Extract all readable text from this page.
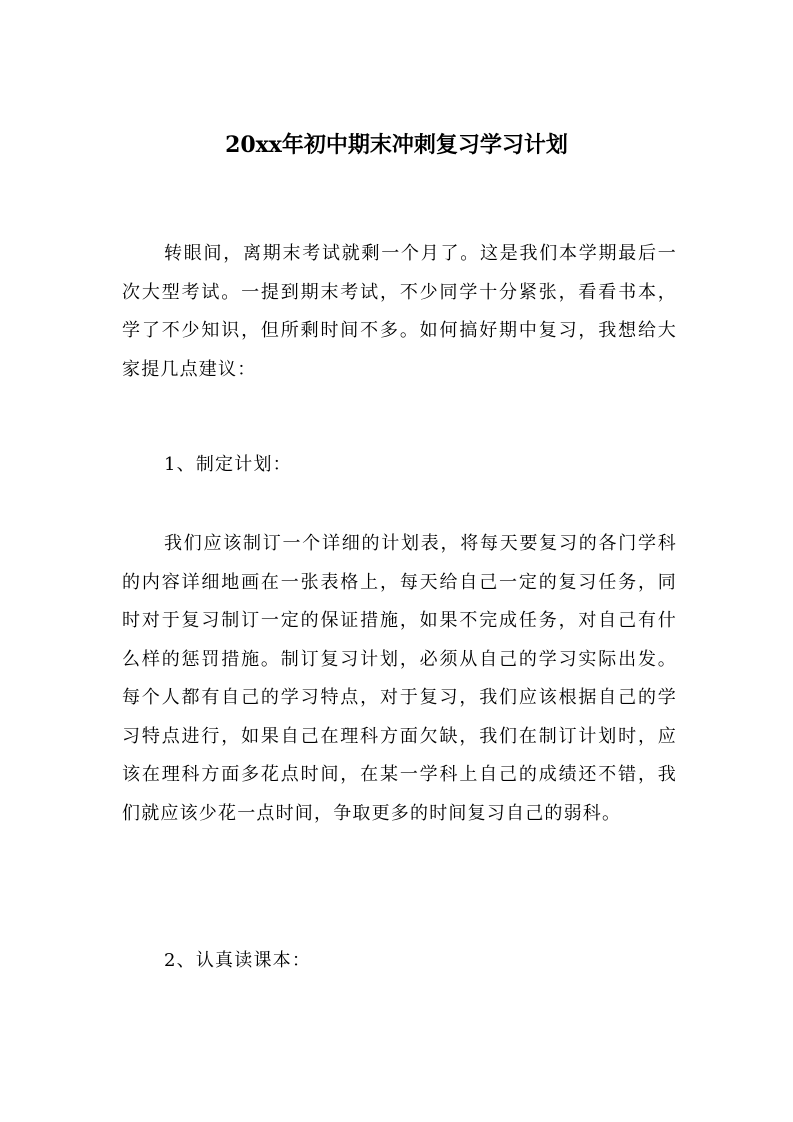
20xx年初中期末冲刺复习学习计划

转眼间，离期末考试就剩一个月了。这是我们本学期最后一次大型考试。一提到期末考试，不少同学十分紧张，看看书本，学了不少知识，但所剩时间不多。如何搞好期中复习，我想给大家提几点建议：

1、制定计划：

我们应该制订一个详细的计划表，将每天要复习的各门学科的内容详细地画在一张表格上，每天给自己一定的复习任务，同时对于复习制订一定的保证措施，如果不完成任务，对自己有什么样的惩罚措施。制订复习计划，必须从自己的学习实际出发。每个人都有自己的学习特点，对于复习，我们应该根据自己的学习特点进行，如果自己在理科方面欠缺，我们在制订计划时，应该在理科方面多花点时间，在某一学科上自己的成绩还不错，我们就应该少花一点时间，争取更多的时间复习自己的弱科。

2、认真读课本：
